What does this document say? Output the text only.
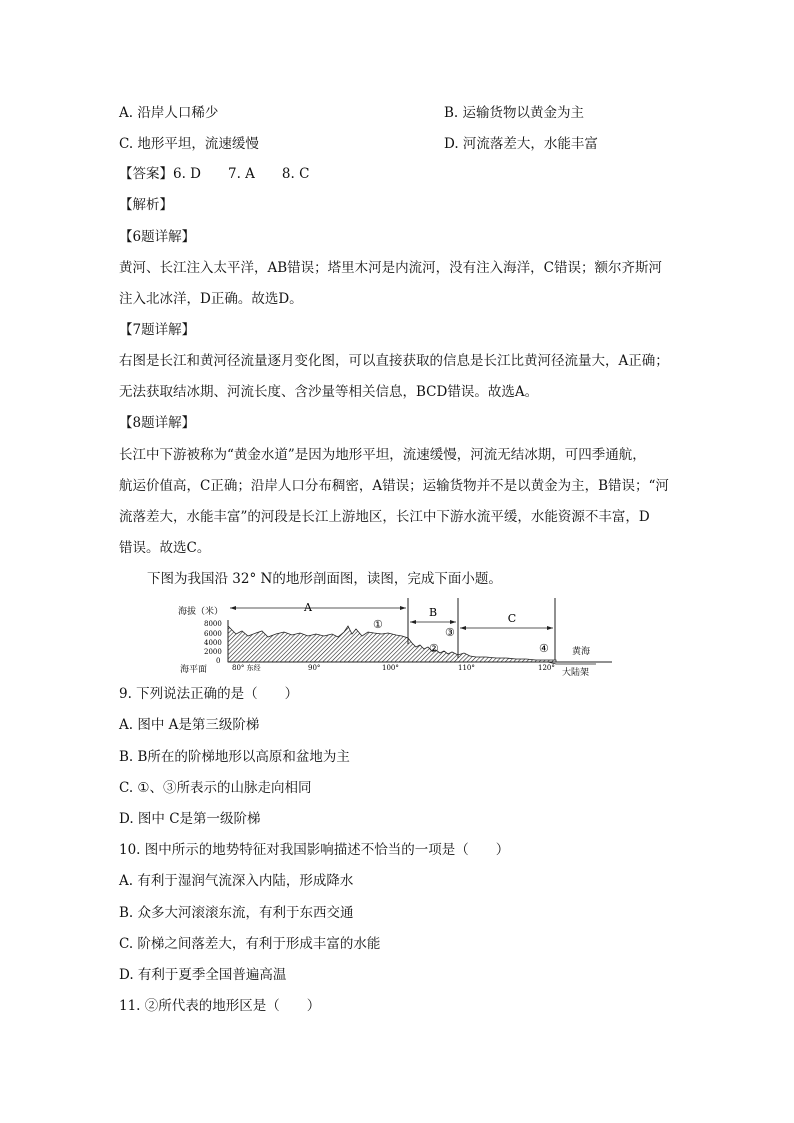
A. 沿岸人口稀少	B. 运输货物以黄金为主
C. 地形平坦，流速缓慢	D. 河流落差大，水能丰富
【答案】6. D　　7. A　　8. C
【解析】
【6题详解】
黄河、长江注入太平洋，AB错误；塔里木河是内流河，没有注入海洋，C错误；额尔齐斯河
注入北冰洋，D正确。故选D。
【7题详解】
右图是长江和黄河径流量逐月变化图，可以直接获取的信息是长江比黄河径流量大，A正确；
无法获取结冰期、河流长度、含沙量等相关信息，BCD错误。故选A。
【8题详解】
长江中下游被称为“黄金水道”是因为地形平坦，流速缓慢，河流无结冰期，可四季通航，
航运价值高，C正确；沿岸人口分布稠密，A错误；运输货物并不是以黄金为主，B错误；“河
流落差大，水能丰富”的河段是长江上游地区，长江中下游水流平缓，水能资源不丰富，D
错误。故选C。
下图为我国沿 32° N的地形剖面图，读图，完成下面小题。
海拔（米）
8000
6000
4000
2000
0
A	B	C
①
②
③
④	黄海
海平面	80° 东经	90°	100°	110°	120° 大陆架
9. 下列说法正确的是（　　）
A. 图中 A是第三级阶梯
B. B所在的阶梯地形以高原和盆地为主
C. ①、③所表示的山脉走向相同
D. 图中 C是第一级阶梯
10. 图中所示的地势特征对我国影响描述不恰当的一项是（　　）
A. 有利于湿润气流深入内陆，形成降水
B. 众多大河滚滚东流，有利于东西交通
C. 阶梯之间落差大，有利于形成丰富的水能
D. 有利于夏季全国普遍高温
11. ②所代表的地形区是（　　）
